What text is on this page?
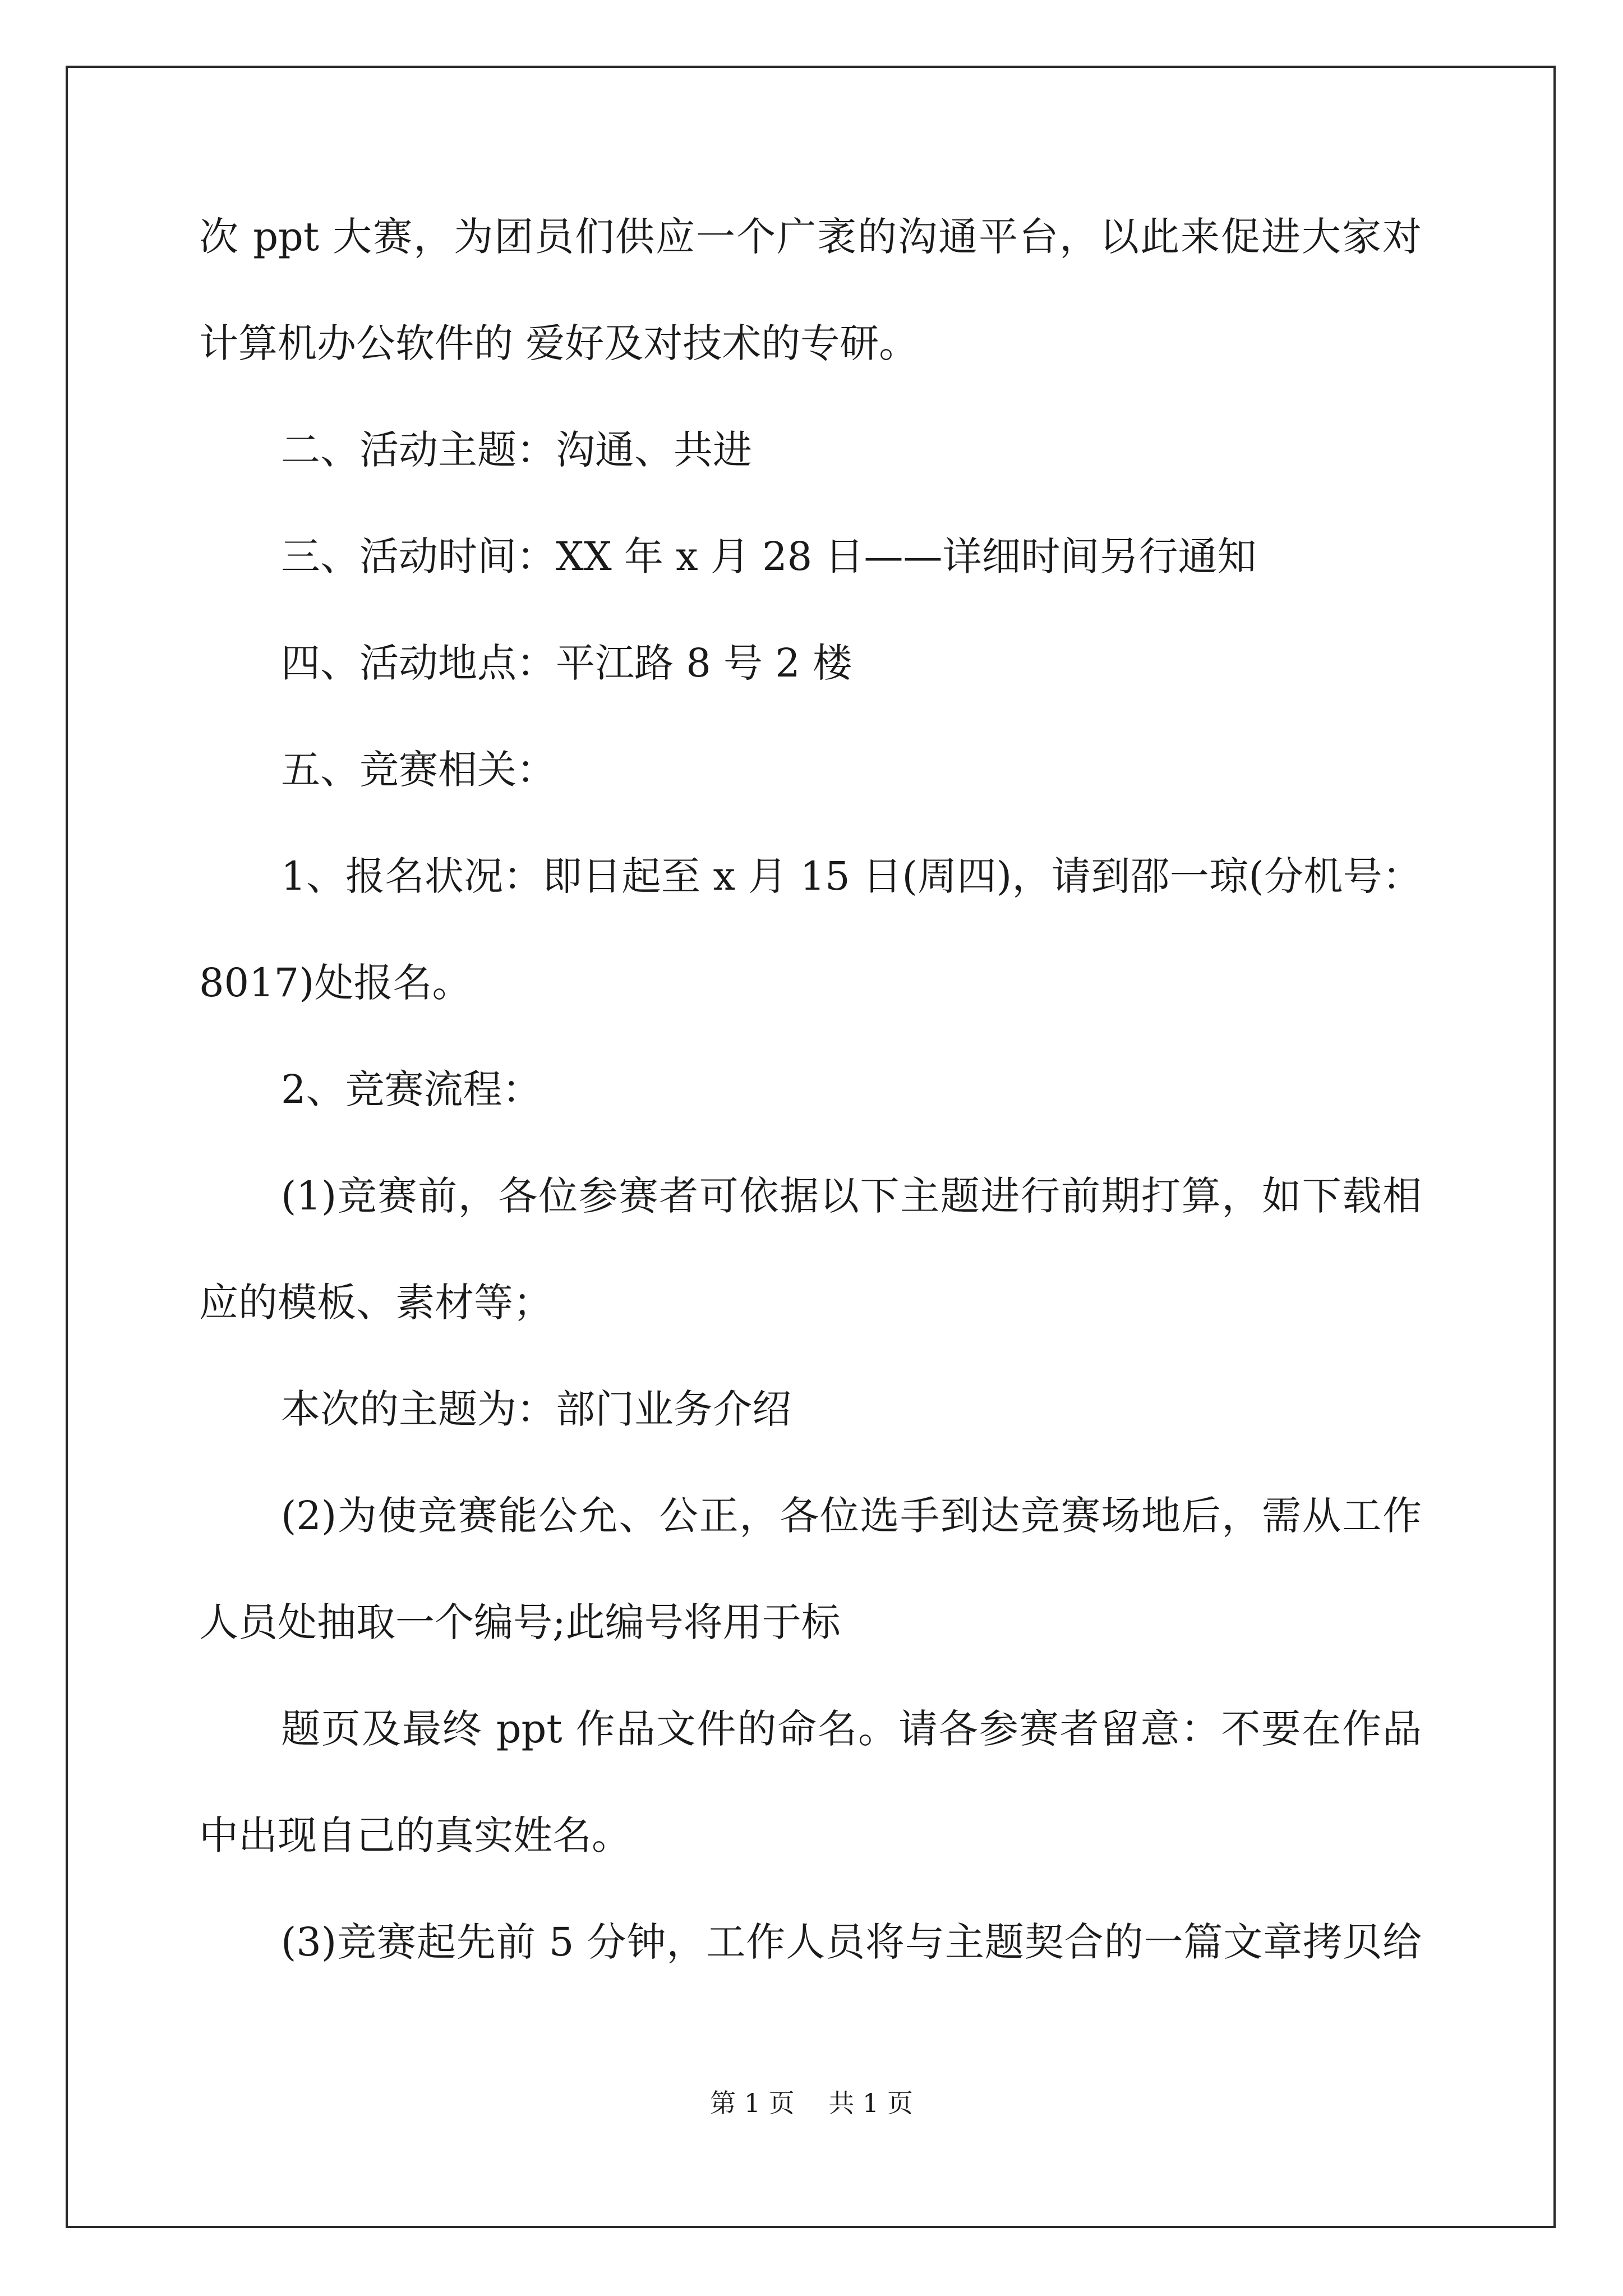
次 ppt 大赛，为团员们供应一个广袤的沟通平台，以此来促进大家对

计算机办公软件的 爱好及对技术的专研。

二、活动主题：沟通、共进

三、活动时间：XX 年 x 月 28 日——详细时间另行通知

四、活动地点：平江路 8 号 2 楼

五、竞赛相关：

1、报名状况：即日起至 x 月 15 日(周四)，请到邵一琼(分机号：

8017)处报名。

2、竞赛流程：

(1)竞赛前，各位参赛者可依据以下主题进行前期打算，如下载相

应的模板、素材等；

本次的主题为：部门业务介绍

(2)为使竞赛能公允、公正，各位选手到达竞赛场地后，需从工作

人员处抽取一个编号;此编号将用于标

题页及最终 ppt 作品文件的命名。请各参赛者留意：不要在作品

中出现自己的真实姓名。

(3)竞赛起先前 5 分钟，工作人员将与主题契合的一篇文章拷贝给

第 1 页 共 1 页
